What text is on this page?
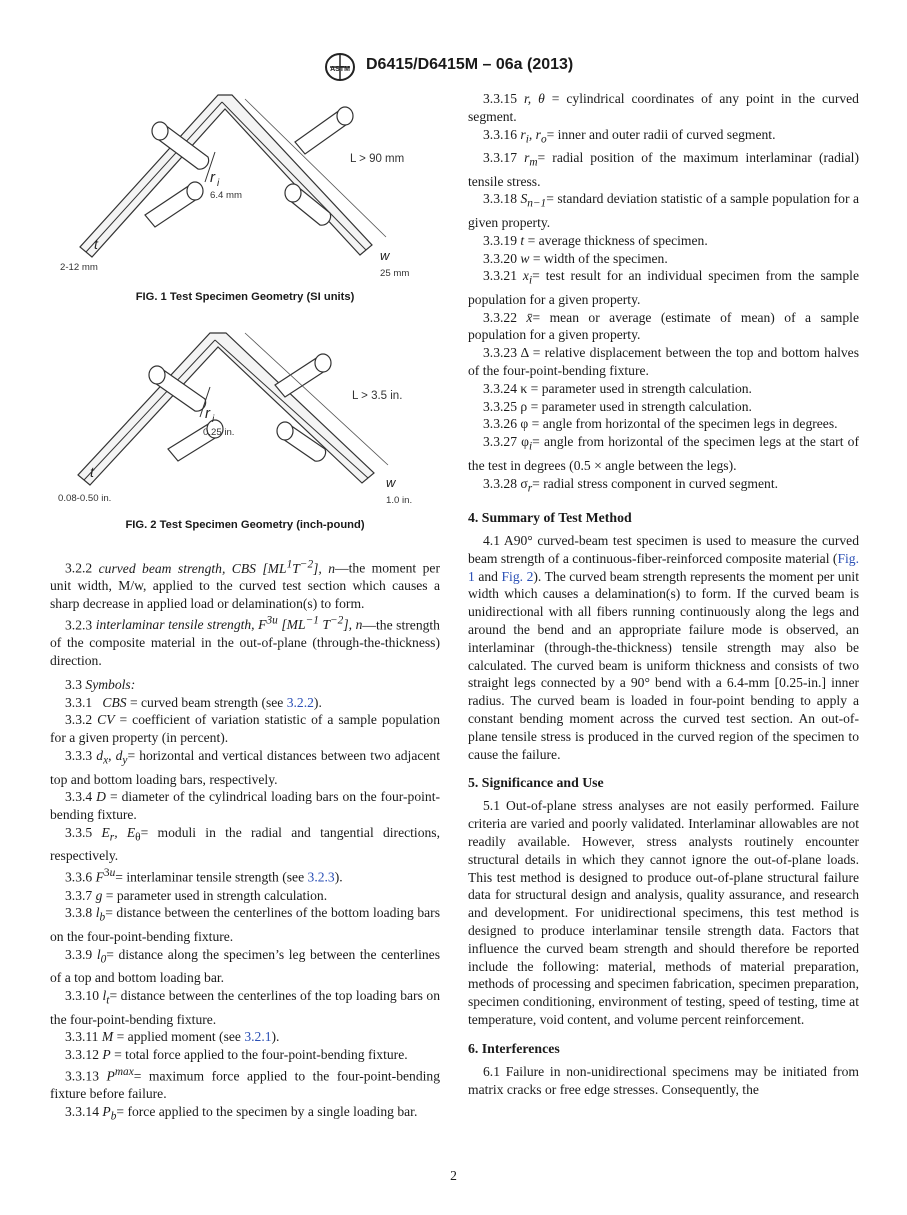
ASTM D6415/D6415M – 06a (2013)
L > 90 mm
r i
6.4 mm
t
2-12 mm
w
25 mm
FIG. 1 Test Specimen Geometry (SI units)
L > 3.5 in.
r i
0.25 in.
t
0.08-0.50 in.
w
1.0 in.
FIG. 2 Test Specimen Geometry (inch-pound)

3.2.2 curved beam strength, CBS $[ML^1T^{-2}]$, n—the moment per unit width, M/w, applied to the curved test section which causes a sharp decrease in applied load or delamination(s) to form.

3.2.3 interlaminar tensile strength, $F^{3u}$ [$ML^{-1}$ $T^{-2}$], n—the strength of the composite material in the out-of-plane (through-the-thickness) direction.

3.3 Symbols:

3.3.1 CBS = curved beam strength (see 3.2.2).

3.3.2 CV = coefficient of variation statistic of a sample population for a given property (in percent).

3.3.3 $d_x$, $d_y=$ horizontal and vertical distances between two adjacent top and bottom loading bars, respectively.

3.3.4 D = diameter of the cylindrical loading bars on the four-point-bending fixture.

3.3.5 $E_r$, $E_\theta=$ moduli in the radial and tangential directions, respectively.

3.3.6 $F^{3u}=$ interlaminar tensile strength (see 3.2.3).

3.3.7 g = parameter used in strength calculation.

3.3.8 $l_b=$ distance between the centerlines of the bottom loading bars on the four-point-bending fixture.

3.3.9 $l_0=$ distance along the specimen’s leg between the centerlines of a top and bottom loading bar.

3.3.10 $l_t=$ distance between the centerlines of the top loading bars on the four-point-bending fixture.

3.3.11 M = applied moment (see 3.2.1).

3.3.12 P = total force applied to the four-point-bending fixture.

3.3.13 $P^{max}=$ maximum force applied to the four-point-bending fixture before failure.

3.3.14 $P_b=$ force applied to the specimen by a single loading bar.

3.3.15 r, θ = cylindrical coordinates of any point in the curved segment.

3.3.16 $r_i$, $r_o=$ inner and outer radii of curved segment.

3.3.17 $r_m=$ radial position of the maximum interlaminar (radial) tensile stress.

3.3.18 $S_{n-1}=$ standard deviation statistic of a sample population for a given property.

3.3.19 t = average thickness of specimen.

3.3.20 w = width of the specimen.

3.3.21 $x_i=$ test result for an individual specimen from the sample population for a given property.

3.3.22 x̄= mean or average (estimate of mean) of a sample population for a given property.

3.3.23 Δ = relative displacement between the top and bottom halves of the four-point-bending fixture.

3.3.24 κ = parameter used in strength calculation.

3.3.25 ρ = parameter used in strength calculation.

3.3.26 φ = angle from horizontal of the specimen legs in degrees.

3.3.27 $\varphi_i=$ angle from horizontal of the specimen legs at the start of the test in degrees (0.5 × angle between the legs).

3.3.28 $\sigma_r=$ radial stress component in curved segment.

4. Summary of Test Method

4.1 A90° curved-beam test specimen is used to measure the curved beam strength of a continuous-fiber-reinforced composite material (Fig. 1 and Fig. 2). The curved beam strength represents the moment per unit width which causes a delamination(s) to form. If the curved beam is unidirectional with all fibers running continuously along the legs and around the bend and an appropriate failure mode is observed, an interlaminar (through-the-thickness) tensile strength may also be calculated. The curved beam is uniform thickness and consists of two straight legs connected by a 90° bend with a 6.4-mm [0.25-in.] inner radius. The curved beam is loaded in four-point bending to apply a constant bending moment across the curved test section. An out-of-plane tensile stress is produced in the curved region of the specimen to cause the failure.

5. Significance and Use

5.1 Out-of-plane stress analyses are not easily performed. Failure criteria are varied and poorly validated. Interlaminar allowables are not readily available. However, stress analysts routinely encounter structural details in which they cannot ignore the out-of-plane loads. This test method is designed to produce out-of-plane structural failure data for structural design and analysis, quality assurance, and research and development. For unidirectional specimens, this test method is designed to produce interlaminar tensile strength data. Factors that influence the curved beam strength and should therefore be reported include the following: material, methods of material preparation, methods of processing and specimen fabrication, specimen preparation, specimen conditioning, environment of testing, speed of testing, time at temperature, void content, and volume percent reinforcement.

6. Interferences

6.1 Failure in non-unidirectional specimens may be initiated from matrix cracks or free edge stresses. Consequently, the

2
